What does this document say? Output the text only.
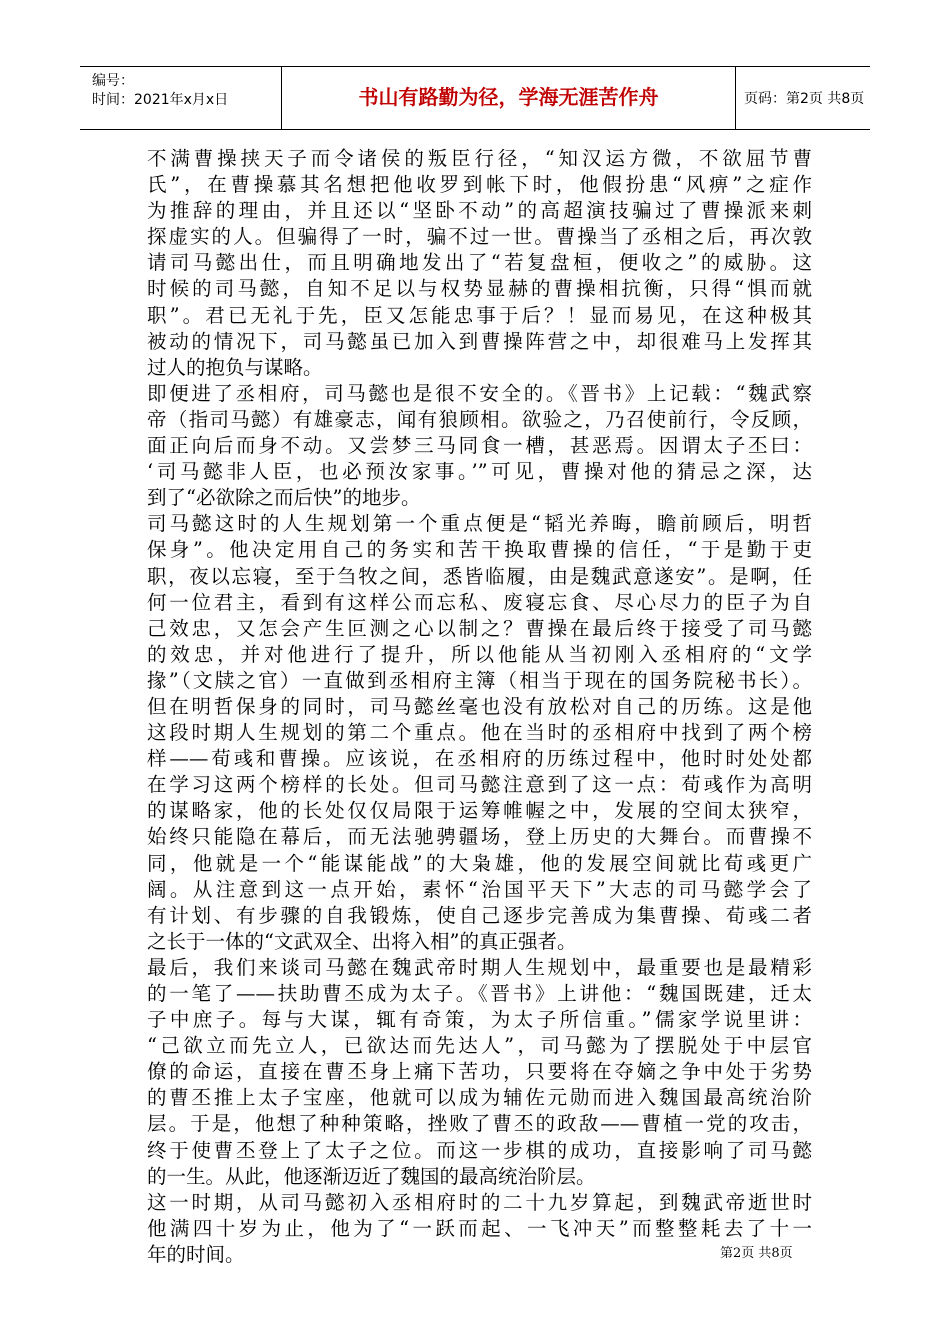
编号：
时间：2021年x月x日	书山有路勤为径，学海无涯苦作舟	页码：第2页 共8页
不满曹操挟天子而令诸侯的叛臣行径，“知汉运方微，不欲屈节曹
氏”，在曹操慕其名想把他收罗到帐下时，他假扮患“风痹”之症作
为推辞的理由，并且还以“坚卧不动”的高超演技骗过了曹操派来刺
探虚实的人。但骗得了一时，骗不过一世。曹操当了丞相之后，再次敦
请司马懿出仕，而且明确地发出了“若复盘桓，便收之”的威胁。这
时候的司马懿，自知不足以与权势显赫的曹操相抗衡，只得“惧而就
职”。君已无礼于先，臣又怎能忠事于后？！显而易见，在这种极其
被动的情况下，司马懿虽已加入到曹操阵营之中，却很难马上发挥其
过人的抱负与谋略。
即便进了丞相府，司马懿也是很不安全的。《晋书》上记载：“魏武察
帝（指司马懿）有雄豪志，闻有狼顾相。欲验之，乃召使前行，令反顾，
面正向后而身不动。又尝梦三马同食一槽，甚恶焉。因谓太子丕曰：
‘司马懿非人臣，也必预汝家事。’”可见，曹操对他的猜忌之深，达
到了“必欲除之而后快”的地步。
司马懿这时的人生规划第一个重点便是“韬光养晦，瞻前顾后，明哲
保身”。他决定用自己的务实和苦干换取曹操的信任，“于是勤于吏
职，夜以忘寝，至于刍牧之间，悉皆临履，由是魏武意遂安”。是啊，任
何一位君主，看到有这样公而忘私、废寝忘食、尽心尽力的臣子为自
己效忠，又怎会产生叵测之心以制之？曹操在最后终于接受了司马懿
的效忠，并对他进行了提升，所以他能从当初刚入丞相府的“文学
掾”（文牍之官）一直做到丞相府主簿（相当于现在的国务院秘书长）。
但在明哲保身的同时，司马懿丝毫也没有放松对自己的历练。这是他
这段时期人生规划的第二个重点。他在当时的丞相府中找到了两个榜
样——荀彧和曹操。应该说，在丞相府的历练过程中，他时时处处都
在学习这两个榜样的长处。但司马懿注意到了这一点：荀彧作为高明
的谋略家，他的长处仅仅局限于运筹帷幄之中，发展的空间太狭窄，
始终只能隐在幕后，而无法驰骋疆场，登上历史的大舞台。而曹操不
同，他就是一个“能谋能战”的大枭雄，他的发展空间就比荀彧更广
阔。从注意到这一点开始，素怀“治国平天下”大志的司马懿学会了
有计划、有步骤的自我锻炼，使自己逐步完善成为集曹操、荀彧二者
之长于一体的“文武双全、出将入相”的真正强者。
最后，我们来谈司马懿在魏武帝时期人生规划中，最重要也是最精彩
的一笔了——扶助曹丕成为太子。《晋书》上讲他：“魏国既建，迁太
子中庶子。每与大谋，辄有奇策，为太子所信重。”儒家学说里讲：
“己欲立而先立人，已欲达而先达人”，司马懿为了摆脱处于中层官
僚的命运，直接在曹丕身上痛下苦功，只要将在夺嫡之争中处于劣势
的曹丕推上太子宝座，他就可以成为辅佐元勋而进入魏国最高统治阶
层。于是，他想了种种策略，挫败了曹丕的政敌——曹植一党的攻击，
终于使曹丕登上了太子之位。而这一步棋的成功，直接影响了司马懿
的一生。从此，他逐渐迈近了魏国的最高统治阶层。
这一时期，从司马懿初入丞相府时的二十九岁算起，到魏武帝逝世时
他满四十岁为止，他为了“一跃而起、一飞冲天”而整整耗去了十一
年的时间。	第2页 共8页
